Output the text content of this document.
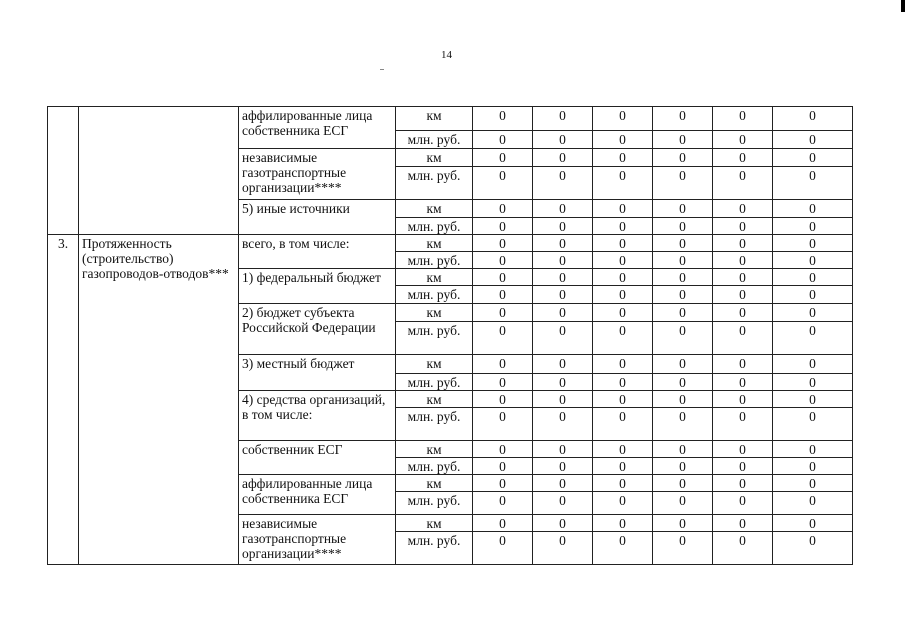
14
		аффилированные лица собственника ЕСГ	км	0	0	0	0	0	0
			млн. руб.	0	0	0	0	0	0
		независимые газотранспортные организации****	км	0	0	0	0	0	0
			млн. руб.	0	0	0	0	0	0
		5) иные источники	км	0	0	0	0	0	0
			млн. руб.	0	0	0	0	0	0
3.	Протяженность (строительство) газопроводов-отводов***	всего, в том числе:	км	0	0	0	0	0	0
			млн. руб.	0	0	0	0	0	0
		1) федеральный бюджет	км	0	0	0	0	0	0
			млн. руб.	0	0	0	0	0	0
		2) бюджет субъекта Российской Федерации	км	0	0	0	0	0	0
			млн. руб.	0	0	0	0	0	0
		3) местный бюджет	км	0	0	0	0	0	0
			млн. руб.	0	0	0	0	0	0
		4) средства организаций, в том числе:	км	0	0	0	0	0	0
			млн. руб.	0	0	0	0	0	0
		собственник ЕСГ	км	0	0	0	0	0	0
			млн. руб.	0	0	0	0	0	0
		аффилированные лица собственника ЕСГ	км	0	0	0	0	0	0
			млн. руб.	0	0	0	0	0	0
		независимые газотранспортные организации****	км	0	0	0	0	0	0
			млн. руб.	0	0	0	0	0	0
